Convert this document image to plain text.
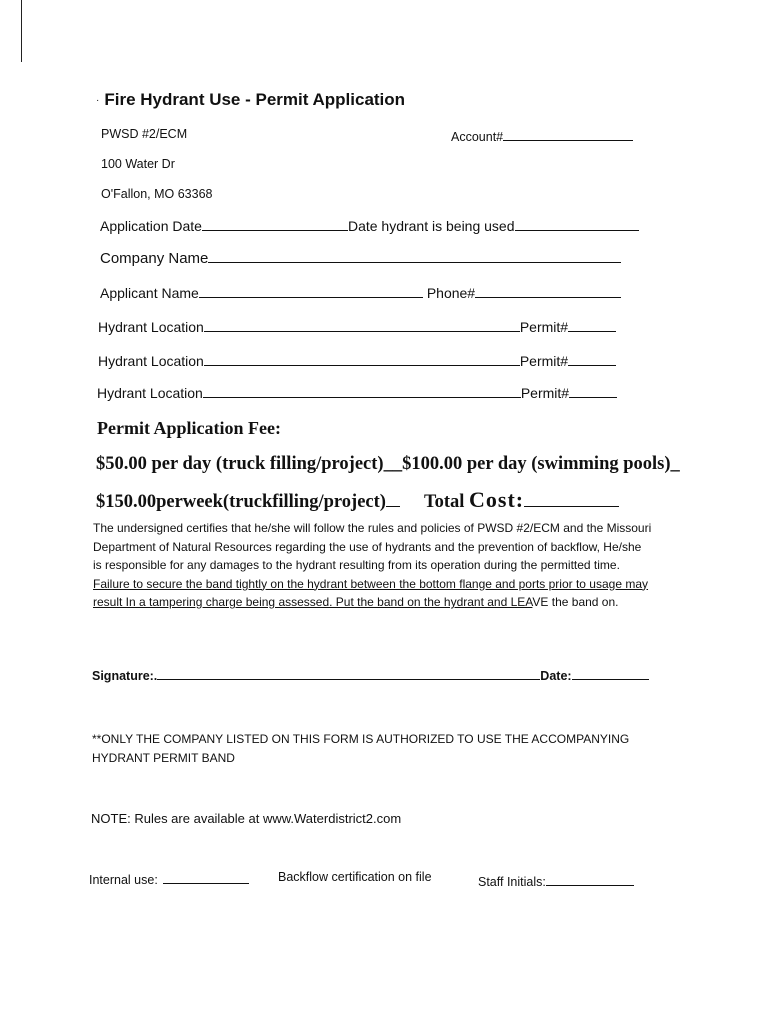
· Fire Hydrant Use - Permit Application
PWSD #2/ECM	Account#
100 Water Dr
O'Fallon, MO 63368
Application Date	Date hydrant is being used
Company Name
Applicant Name	Phone#
Hydrant Location	Permit#
Hydrant Location	Permit#
Hydrant Location	Permit#
Permit Application Fee:
$50.00 per day (truck filling/project)__$100.00 per day (swimming pools)_
$150.00perweek(truckfilling/project) Total Cost:
The undersigned certifies that he/she will follow the rules and policies of PWSD #2/ECM and the Missouri Department of Natural Resources regarding the use of hydrants and the prevention of backflow, He/she is responsible for any damages to the hydrant resulting from its operation during the permitted time. Failure to secure the band tightly on the hydrant between the bottom flange and ports prior to usage may result In a tampering charge being assessed. Put the band on the hydrant and LEAVE the band on.
Signature:.	Date:
**ONLY THE COMPANY LISTED ON THIS FORM IS AUTHORIZED TO USE THE ACCOMPANYING HYDRANT PERMIT BAND
NOTE: Rules are available at www.Waterdistrict2.com
Internal use:	Backflow certification on file	Staff Initials:
